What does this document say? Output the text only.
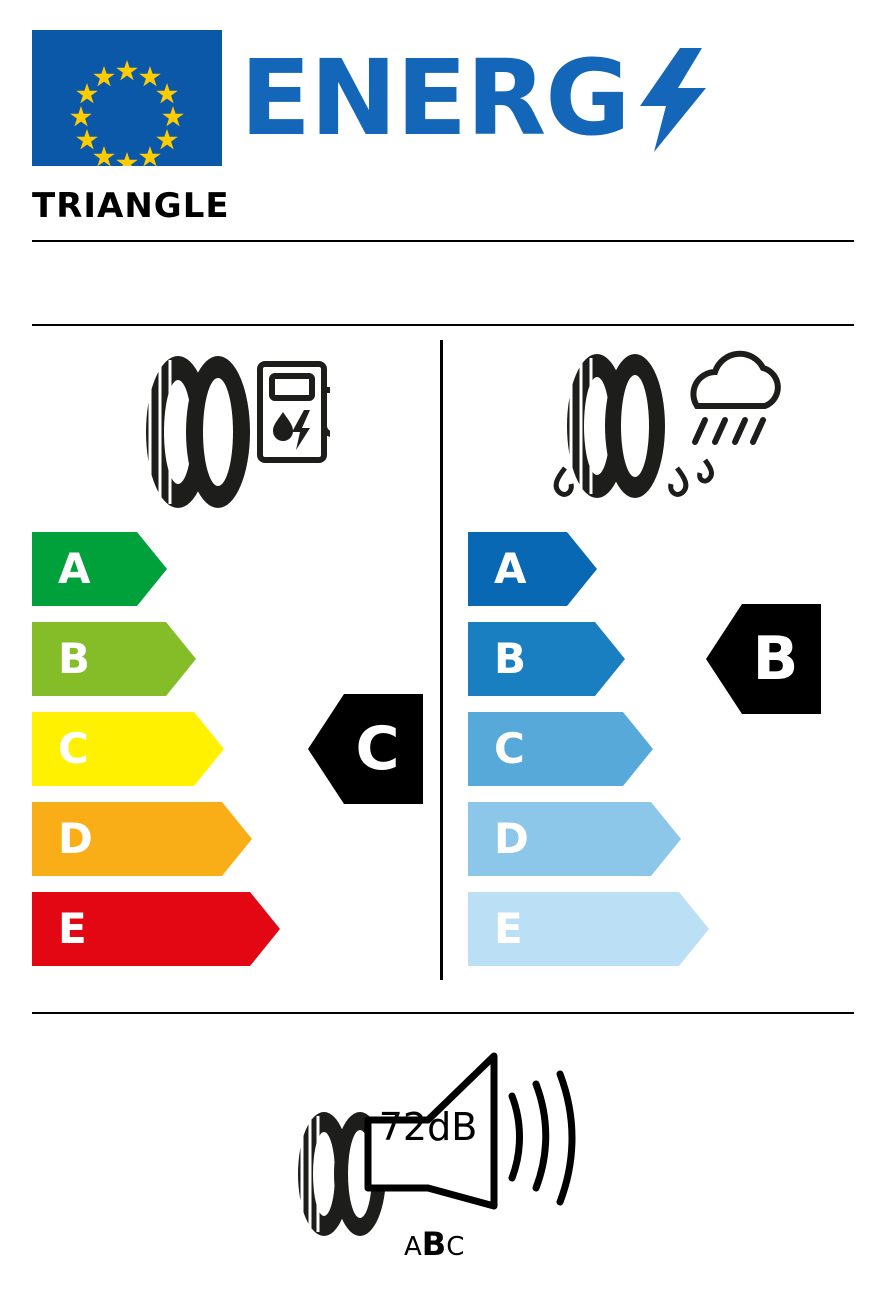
ENERG
TRIANGLE
A
B
C
D
E
C
A
B
C
D
E
B
72dB
ABC
